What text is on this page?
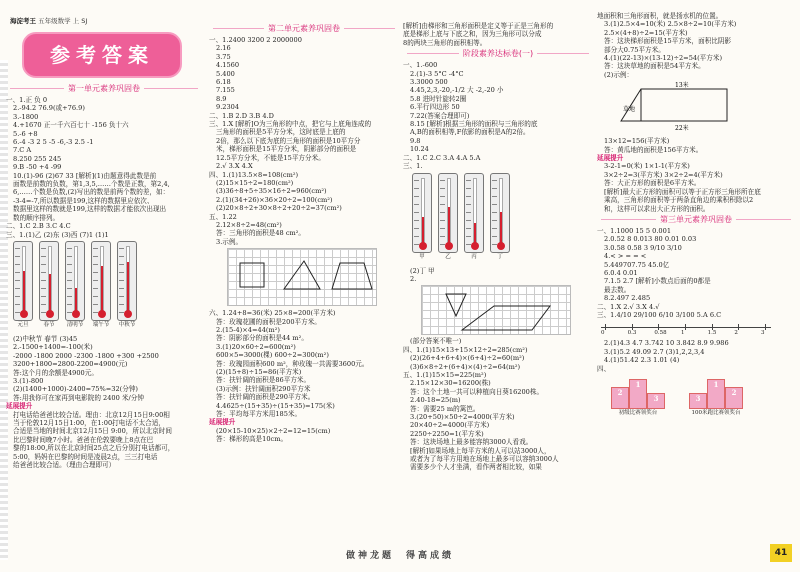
海淀考王 五年级数学 上 SJ
参考答案
第一单元素养巩固卷
一、1.正 负 0
2.-94.2 76.9(或+76.9)
3.-1800
4.+1670 正一千六百七十 -156 负十六
5.-6 +8
6.-4 -3 2 5 -5 -6,-3 2.5 -1
7.C A
8.250 255 245
9.B -50 +4 -99
10.(1)-96 (2)67 33 [解析](1)由题意得此数是前
面数是前数的负数，第1,3,5,……个数是正数，第2,4,
6,……个数是负数,(2)写出的数是前两个数的差，如：
-3-4=-7,所以数据是199,这样的数据里应依次、
数据里这样的数就是199,这样的数据才能依次出现出
数的顺序排列。
二、1.C 2.B 3.C 4.C
三、1.(1)乙 (2)东 (3)西 (7)1 (1)1
元旦	春节 清明节 端午节 中秋节
(2)中秋节 春节 (3)45
2.-1500+1400=-100(米)
-2000 -1800 2000 -2300 -1800 +300 +2500
3200+1800=2800-2200=4900(元)
答:这个月的余额是4900元。
3.(1)-800
(2)(1400+1000)-2400=75%=32(分钟)
答:用我你可在家再到电影院的 2400 米/分钟
延展提升
打电话给爸爸比较合适。理由：北京12月15日9:00相
当于伦敦12月15日1:00，在1:00打电话不太合适，
合适是当地的时间北京12月15日 9:00，所以北京时间
比巴黎时间晚7小时。爸爸在伦敦要晚上8点在巴
黎的18:00,所以在北京时间25点之后分别打电话都可，
5:00，妈妈在巴黎的时间是凌晨2点，三三打电话
给爸爸比较合适。（理由合理即可）
第二单元素养巩固卷
一、1.2400 3200 2 2000000
2.16
3.75
4.1560
5.400
6.18
7.155
8.9
9.2304
二、1.B 2.D 3.B 4.D
三、1.X [解析]O为三角形的中点，把它与上底角连成的
三角形的面积是5平方分米，这时底是上底的
2倍，那么以下底为底的三角形的面积是10平方分
米，梯形面积是15平方分米，阴影部分的面积是
12.5平方分米，不能是15平方分米。
2.√ 3.X 4.X
四、1.(1)13.5×8=108(cm²)
(2)15×15÷2=180(cm²)
(3)36÷8+5÷35×16÷2=960(cm²)
2.(1)(34+26)×36×20÷2=100(cm²)
(2)20×8÷2+30×8÷2+20÷2=37(cm²)
五、1.22
2.12×8÷2=48(cm²)
答：三角形的面积是48 cm²。
3.示例。
六、1.24+8=36(米) 25×8=200(平方米)
答：玫瑰花圃的面积是200平方米。
2.(15-4)×4=44(m²)
答：阴影部分的面积是44 m²。
3.(1)20×60÷2=600(m²)
600×5=3000(棵) 600÷2=300(m²)
答：玫瑰园面积600 m²，种玫瑰一共需要3600元。
(2)(15+8)÷15=86(平方米)
答：扶针阔的面积是86平方米。
(3)示例：扶针阔面积290平方米
答：扶针阔的面积是290平方米。
4.4625÷(15+35)÷(15+35)=175(米)
答：平均每平方米用185米。
延展提升
(20×15-10×25)×2÷2=12=15(cm)
答：梯形的高是10cm。
[解析]由梯形和三角形面积是定义等于正是三角形的
底是梯形上底与下底之和，因为三角形可以分成
8的两块三角形的面积相等。
阶段素养达标卷(一)
一、1.-600
2.(1)-3 5°C -4°C
3.3000 500
4.45,2,3,-20,-1/2 大 -2,-20 小
5.8 进时针旋转2圈
6.平行四边形 50
7.22(答案合理即可)
8.15 [解析]根据三角形的面积与三角形的底
A,B的面积相等,F依影的面积是A的2倍。
9.8
10.24
二、1.C 2.C 3.A 4.A 5.A
三、1.
甲	乙	丙	丁
(2)丁 甲
2.
(部分答案不唯一)
四、1.(1)15×13+15×12÷2=285(cm²)
(2)(26+4+6+4)×(6+4)÷2=60(m²)
(3)6×8÷2+(6+4)×(4)÷2=64(m²)
五、1.(1)15×15=225(m²)
2.15×12×30=16200(株)
答：这个土地一共可以种植向日葵16200株。
2.40-18=25(m)
答：需要25 m的篱笆。
3.(20+50)×50÷2=4000(平方米)
20×40÷2=4000(平方米)
2250÷2250=1(平方米)
答：这块场地上最多能容纳3000人看戏。
[解析]如果场地上每平方米的人可以站3000人，
或者为了每平方用地在场地上最多可以容纳3000人
需要多少个人才坐满，看作两者相比较，如果
地面积和三角形面积，就是扬水机的位置。
3.(1)2.5×4=10(米) 2.5×8÷2=10(平方米)
2.5×(4+8)÷2=15(平方米)
答：这块梯形面积是15平方米，面积比阴影
部分大0.75平方米。
4.(1)(22-13)×(13-12)÷2=54(平方米)
答：这块草地的面积是54平方米。
(2)示例：
草地
13米
22米
13×12=156(平方米)
答：黄瓜地的面积是156平方米。
延展提升
3-2-1=0(米) 1×1-1(平方米)
3×2÷2=3(平方米) 3×2÷2=4(平方米)
答：大正方形的面积是6平方米。
[解析]最大正方形的面积可以等于正方形三角形所在底
乘高，三角形的面积等于两条直角边的乘积积除以2
和，这样可以求出大正方形的面积。
第三单元素养巩固卷
一、1.1000 15 5 0.001
2.0.52 8 0.013 80 0.01 0.03
3.0.58 0.58 3 9/10 3/10
4.< > = = <
5.449707.75 45.0亿
6.0.4 0.01
7.1.5 2.7 [解析]小数点后面的0都是
最去数。
8.2.497 2.485
二、1.X 2.√ 3.X 4.√
三、1.4/10 29/100 6/10 3/100 5.A 6.C
0	0.3	0.58	1	1.5	2	3
2.(1)4.3 4.7 3.742 10 3.842 8.9 9.986
3.(1)5.2 49.09 2.7 (3)1,2,2,3,4
4.(1)51.42 2.3 1.01 (4)
四、
2
1
3
初级比赛领奖台
3
1
2
100米跑比赛领奖台
做神龙题　得高成绩	41
